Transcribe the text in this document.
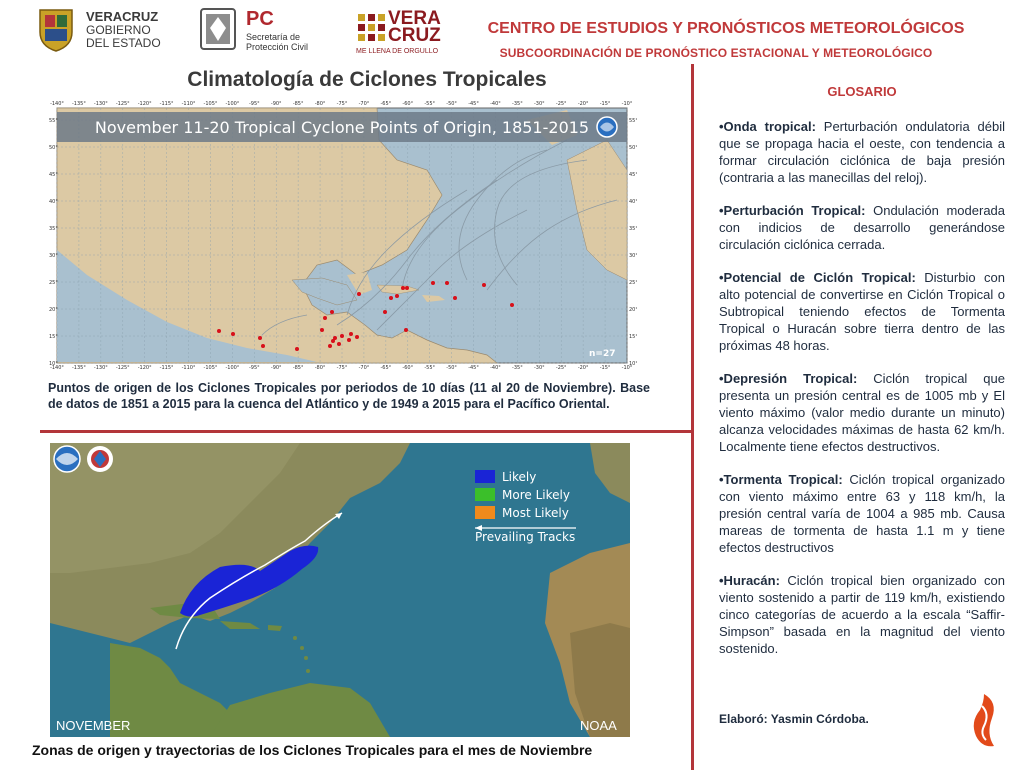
VERACRUZ
GOBIERNO
DEL ESTADO
PC
Secretaría de
Protección Civil
VERA
CRUZ
ME LLENA DE ORGULLO
CENTRO DE ESTUDIOS Y PRONÓSTICOS METEOROLÓGICOS
SUBCOORDINACIÓN DE PRONÓSTICO ESTACIONAL Y METEOROLÓGICO
Climatología de Ciclones Tropicales
November 11-20 Tropical Cyclone Points of Origin, 1851-2015
n=27
-140°
-140°
-135°
-135°
-130°
-130°
-125°
-125°
-120°
-120°
-115°
-115°
-110°
-110°
-105°
-105°
-100°
-100°
-95°
-95°
-90°
-90°
-85°
-85°
-80°
-80°
-75°
-75°
-70°
-70°
-65°
-65°
-60°
-60°
-55°
-55°
-50°
-50°
-45°
-45°
-40°
-40°
-35°
-35°
-30°
-30°
-25°
-25°
-20°
-20°
-15°
-15°
-10°
-10°
55°	55°
50°	50°
45°	45°
40°	40°
35°	35°
30°	30°
25°	25°
20°	20°
15°	15°
10°	10°
Puntos de origen de los Ciclones Tropicales por periodos de 10 días (11 al 20 de Noviembre). Base de datos de 1851 a 2015 para la cuenca del Atlántico y de 1949 a 2015 para el Pacífico Oriental.
Likely
More Likely
Most Likely
Prevailing Tracks
NOVEMBER	NOAA
Zonas de origen y trayectorias de los Ciclones Tropicales para el mes de Noviembre
GLOSARIO
•Onda tropical: Perturbación ondulatoria débil que se propaga hacia el oeste, con tendencia a formar circulación ciclónica de baja presión (contraria a las manecillas del reloj).
•Perturbación Tropical: Ondulación moderada con indicios de desarrollo generándose circulación ciclónica cerrada.
•Potencial de Ciclón Tropical: Disturbio con alto potencial de convertirse en Ciclón Tropical o Subtropical teniendo efectos de Tormenta Tropical o Huracán sobre tierra dentro de las próximas 48 horas.
•Depresión Tropical: Ciclón tropical que presenta un presión central es de 1005 mb y El viento máximo (valor medio durante un minuto) alcanza velocidades máximas de hasta 62 km/h. Localmente tiene efectos destructivos.
•Tormenta Tropical: Ciclón tropical organizado con viento máximo entre 63 y 118 km/h, la presión central varía de 1004 a 985 mb. Causa mareas de tormenta de hasta 1.1 m y tiene efectos destructivos
•Huracán: Ciclón tropical bien organizado con viento sostenido a partir de 119 km/h, existiendo cinco categorías de acuerdo a la escala “Saffir-Simpson” basada en la magnitud del viento sostenido.
Elaboró: Yasmin Córdoba.
